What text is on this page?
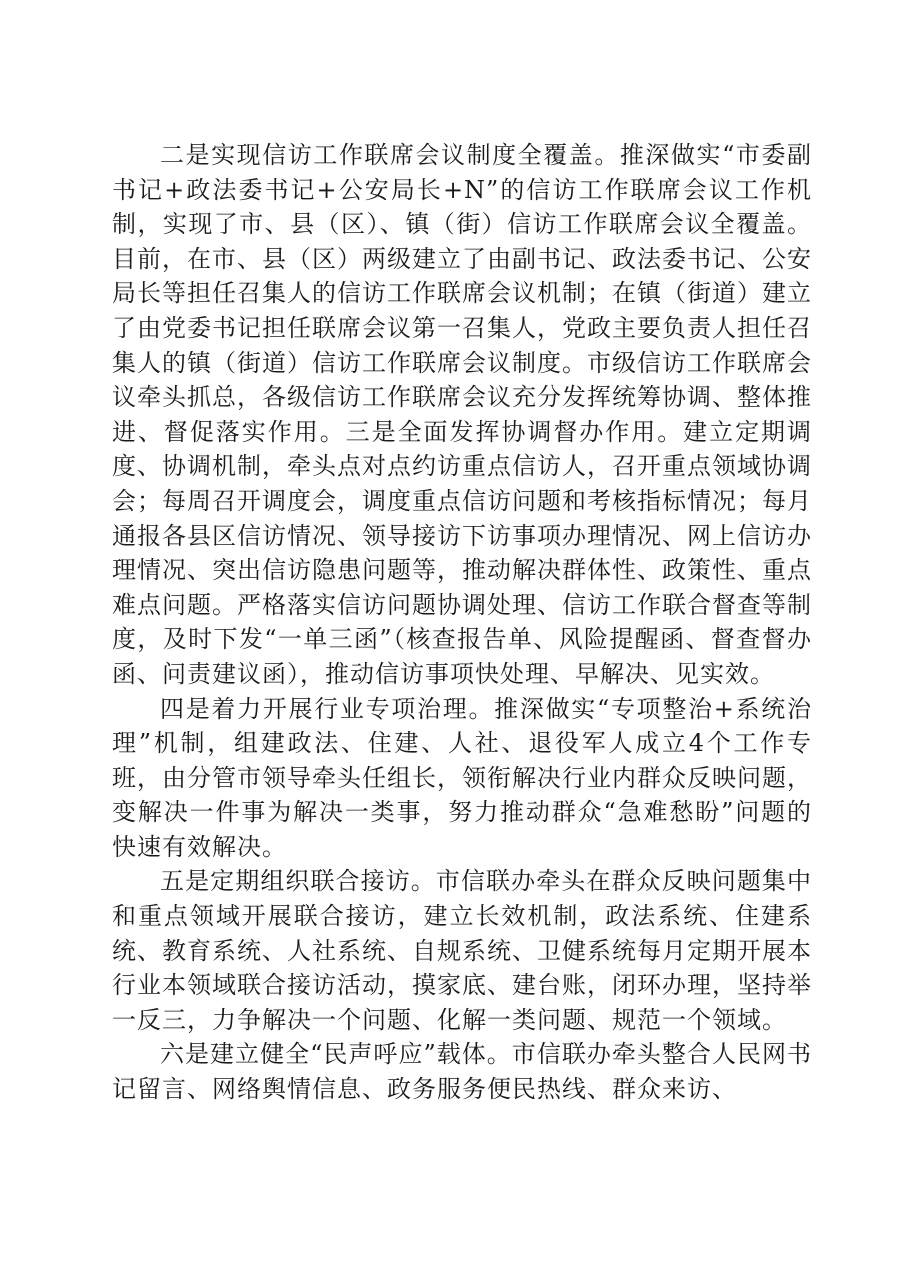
二是实现信访工作联席会议制度全覆盖。推深做实“市委副书记+政法委书记+公安局长+N”的信访工作联席会议工作机制，实现了市、县（区）、镇（街）信访工作联席会议全覆盖。目前，在市、县（区）两级建立了由副书记、政法委书记、公安局长等担任召集人的信访工作联席会议机制；在镇（街道）建立了由党委书记担任联席会议第一召集人，党政主要负责人担任召集人的镇（街道）信访工作联席会议制度。市级信访工作联席会议牵头抓总，各级信访工作联席会议充分发挥统筹协调、整体推进、督促落实作用。三是全面发挥协调督办作用。建立定期调度、协调机制，牵头点对点约访重点信访人，召开重点领域协调会；每周召开调度会，调度重点信访问题和考核指标情况；每月通报各县区信访情况、领导接访下访事项办理情况、网上信访办理情况、突出信访隐患问题等，推动解决群体性、政策性、重点难点问题。严格落实信访问题协调处理、信访工作联合督查等制度，及时下发“一单三函”（核查报告单、风险提醒函、督查督办函、问责建议函），推动信访事项快处理、早解决、见实效。

四是着力开展行业专项治理。推深做实“专项整治+系统治理”机制，组建政法、住建、人社、退役军人成立4个工作专班，由分管市领导牵头任组长，领衔解决行业内群众反映问题，变解决一件事为解决一类事，努力推动群众“急难愁盼”问题的快速有效解决。

五是定期组织联合接访。市信联办牵头在群众反映问题集中和重点领域开展联合接访，建立长效机制，政法系统、住建系统、教育系统、人社系统、自规系统、卫健系统每月定期开展本行业本领域联合接访活动，摸家底、建台账，闭环办理，坚持举一反三，力争解决一个问题、化解一类问题、规范一个领域。

六是建立健全“民声呼应”载体。市信联办牵头整合人民网书记留言、网络舆情信息、政务服务便民热线、群众来访、
